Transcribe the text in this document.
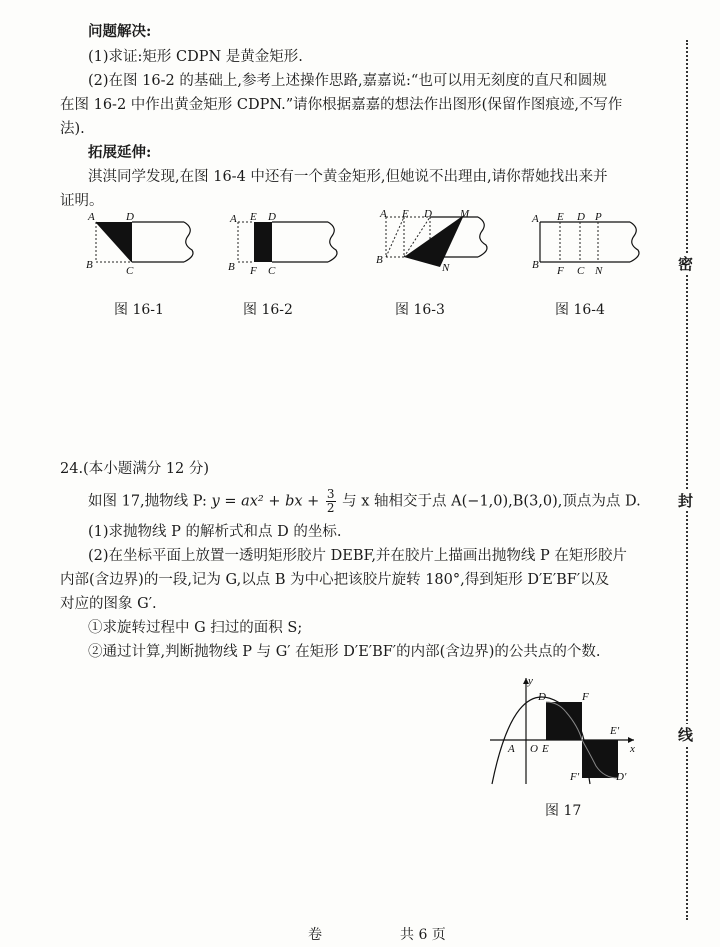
问题解决:
(1)求证:矩形 CDPN 是黄金矩形.
(2)在图 16-2 的基础上,参考上述操作思路,嘉嘉说:“也可以用无刻度的直尺和圆规
在图 16-2 中作出黄金矩形 CDPN.”请你根据嘉嘉的想法作出图形(保留作图痕迹,不写作
法).
拓展延伸:
淇淇同学发现,在图 16-4 中还有一个黄金矩形,但她说不出理由,请你帮她找出来并
证明。
A	D
B	C
A E D
B F C
A E D	M
B
N
A E D P
B F C N
图 16-1	图 16-2	图 16-3	图 16-4
24.(本小题满分 12 分)
如图 17,抛物线 P: y = ax² + bx + $\frac{3}{2}$ 与 x 轴相交于点 A(−1,0),B(3,0),顶点为点 D.
(1)求抛物线 P 的解析式和点 D 的坐标.
(2)在坐标平面上放置一透明矩形胶片 DEBF,并在胶片上描画出抛物线 P 在矩形胶片
内部(含边界)的一段,记为 G,以点 B 为中心把该胶片旋转 180°,得到矩形 D′E′BF′以及
对应的图象 G′.
①求旋转过程中 G 扫过的面积 S;
②通过计算,判断抛物线 P 与 G′ 在矩形 D′E′BF′的内部(含边界)的公共点的个数.
y
D	F
E′
A O E	x
F′	D′
图 17
密
封
线
卷	共 6 页
